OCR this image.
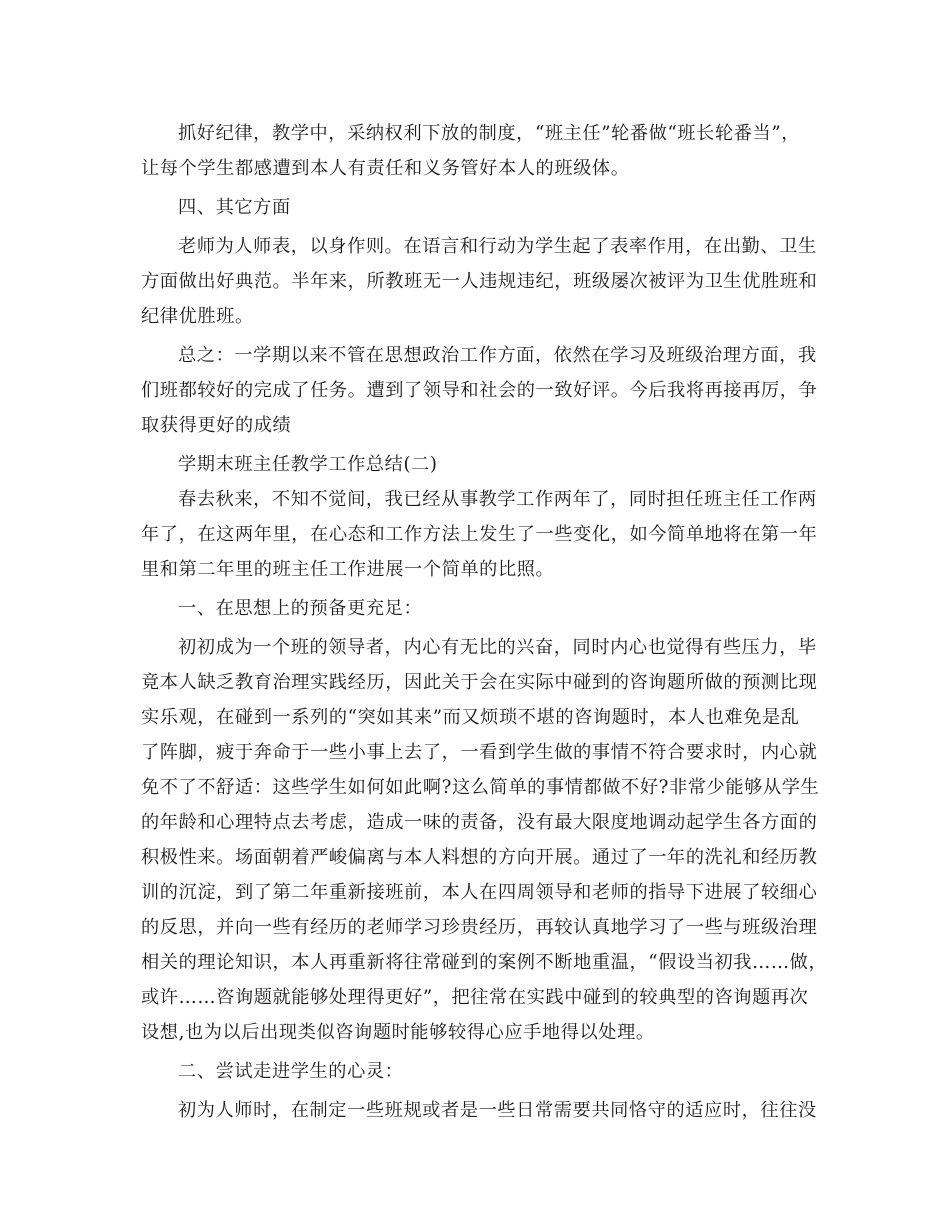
抓好纪律，教学中，采纳权利下放的制度，“班主任”轮番做“班长轮番当”，
让每个学生都感遭到本人有责任和义务管好本人的班级体。
四、其它方面
老师为人师表，以身作则。在语言和行动为学生起了表率作用，在出勤、卫生
方面做出好典范。半年来，所教班无一人违规违纪，班级屡次被评为卫生优胜班和
纪律优胜班。
总之：一学期以来不管在思想政治工作方面，依然在学习及班级治理方面，我
们班都较好的完成了任务。遭到了领导和社会的一致好评。今后我将再接再厉，争
取获得更好的成绩
学期末班主任教学工作总结(二)
春去秋来，不知不觉间，我已经从事教学工作两年了，同时担任班主任工作两
年了，在这两年里，在心态和工作方法上发生了一些变化，如今简单地将在第一年
里和第二年里的班主任工作进展一个简单的比照。
一、在思想上的预备更充足：
初初成为一个班的领导者，内心有无比的兴奋，同时内心也觉得有些压力，毕
竟本人缺乏教育治理实践经历，因此关于会在实际中碰到的咨询题所做的预测比现
实乐观，在碰到一系列的“突如其来”而又烦琐不堪的咨询题时，本人也难免是乱
了阵脚，疲于奔命于一些小事上去了，一看到学生做的事情不符合要求时，内心就
免不了不舒适：这些学生如何如此啊?这么简单的事情都做不好?非常少能够从学生
的年龄和心理特点去考虑，造成一味的责备，没有最大限度地调动起学生各方面的
积极性来。场面朝着严峻偏离与本人料想的方向开展。通过了一年的洗礼和经历教
训的沉淀，到了第二年重新接班前，本人在四周领导和老师的指导下进展了较细心
的反思，并向一些有经历的老师学习珍贵经历，再较认真地学习了一些与班级治理
相关的理论知识，本人再重新将往常碰到的案例不断地重温，“假设当初我……做，
或许……咨询题就能够处理得更好”，把往常在实践中碰到的较典型的咨询题再次
设想,也为以后出现类似咨询题时能够较得心应手地得以处理。
二、尝试走进学生的心灵：
初为人师时，在制定一些班规或者是一些日常需要共同恪守的适应时，往往没
